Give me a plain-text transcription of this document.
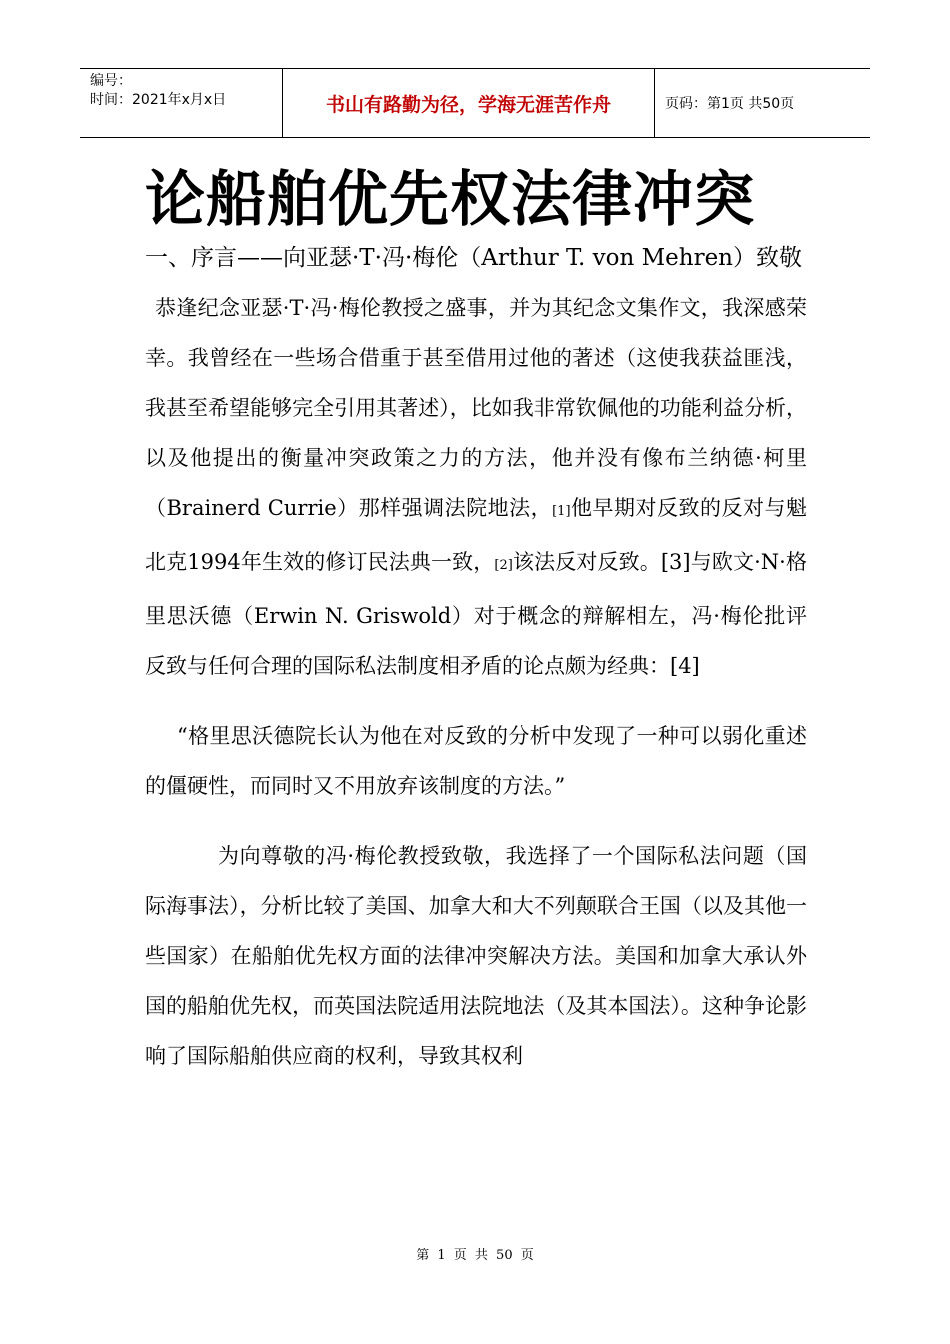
编号：
时间：2021年x月x日	书山有路勤为径，学海无涯苦作舟	页码：第1页 共50页
论船舶优先权法律冲突

一、序言——向亚瑟·T·冯·梅伦（Arthur T. von Mehren）致敬

恭逢纪念亚瑟·T·冯·梅伦教授之盛事，并为其纪念文集作文，我深感荣幸。我曾经在一些场合借重于甚至借用过他的著述（这使我获益匪浅，我甚至希望能够完全引用其著述），比如我非常钦佩他的功能利益分析，以及他提出的衡量冲突政策之力的方法，他并没有像布兰纳德·柯里（Brainerd Currie）那样强调法院地法，[1]他早期对反致的反对与魁北克1994年生效的修订民法典一致，[2]该法反对反致。[3]与欧文·N·格里思沃德（Erwin N. Griswold）对于概念的辩解相左，冯·梅伦批评反致与任何合理的国际私法制度相矛盾的论点颇为经典：[4]

“格里思沃德院长认为他在对反致的分析中发现了一种可以弱化重述的僵硬性，而同时又不用放弃该制度的方法。”

为向尊敬的冯·梅伦教授致敬，我选择了一个国际私法问题（国际海事法），分析比较了美国、加拿大和大不列颠联合王国（以及其他一些国家）在船舶优先权方面的法律冲突解决方法。美国和加拿大承认外国的船舶优先权，而英国法院适用法院地法（及其本国法）。这种争论影响了国际船舶供应商的权利，导致其权利

第 1 页 共 50 页
